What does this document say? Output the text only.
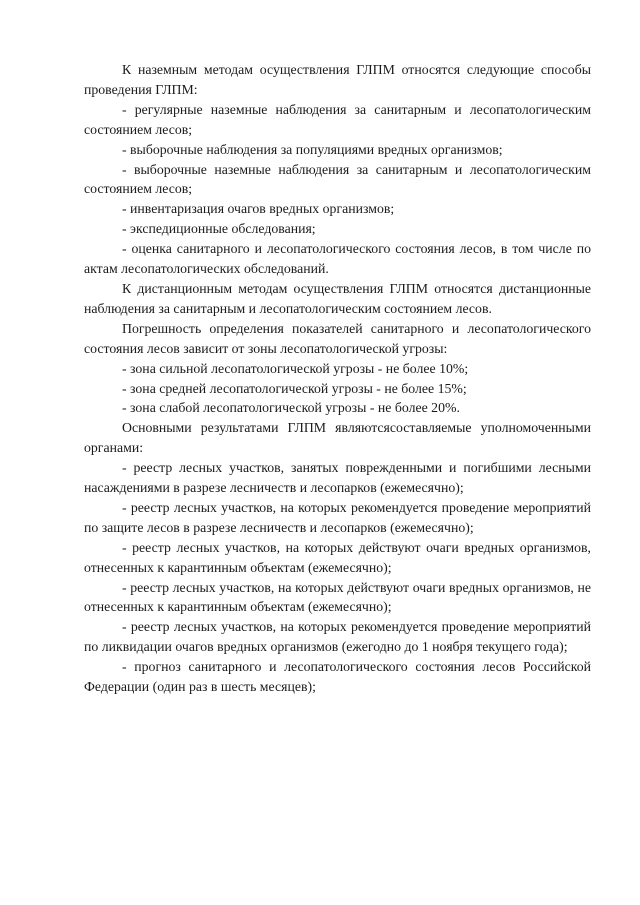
К наземным методам осуществления ГЛПМ относятся следующие способы проведения ГЛПМ:

- регулярные наземные наблюдения за санитарным и лесопатологическим состоянием лесов;

- выборочные наблюдения за популяциями вредных организмов;

- выборочные наземные наблюдения за санитарным и лесопатологическим состоянием лесов;

- инвентаризация очагов вредных организмов;

- экспедиционные обследования;

- оценка санитарного и лесопатологического состояния лесов, в том числе по актам лесопатологических обследований.

К дистанционным методам осуществления ГЛПМ относятся дистанционные наблюдения за санитарным и лесопатологическим состоянием лесов.

Погрешность определения показателей санитарного и лесопатологического состояния лесов зависит от зоны лесопатологической угрозы:

- зона сильной лесопатологической угрозы - не более 10%;

- зона средней лесопатологической угрозы - не более 15%;

- зона слабой лесопатологической угрозы - не более 20%.

Основными результатами ГЛПМ являютсясоставляемые уполномоченными органами:

- реестр лесных участков, занятых поврежденными и погибшими лесными насаждениями в разрезе лесничеств и лесопарков (ежемесячно);

- реестр лесных участков, на которых рекомендуется проведение мероприятий по защите лесов в разрезе лесничеств и лесопарков (ежемесячно);

- реестр лесных участков, на которых действуют очаги вредных организмов, отнесенных к карантинным объектам (ежемесячно);

- реестр лесных участков, на которых действуют очаги вредных организмов, не отнесенных к карантинным объектам (ежемесячно);

- реестр лесных участков, на которых рекомендуется проведение мероприятий по ликвидации очагов вредных организмов (ежегодно до 1 ноября текущего года);

- прогноз санитарного и лесопатологического состояния лесов Российской Федерации (один раз в шесть месяцев);
